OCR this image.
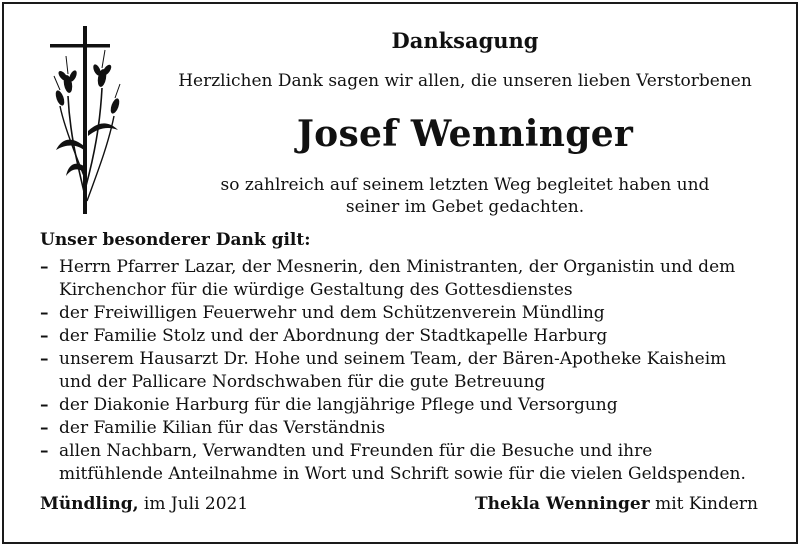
Danksagung
Herzlichen Dank sagen wir allen, die unseren lieben Verstorbenen
Josef Wenninger
so zahlreich auf seinem letzten Weg begleitet haben und
seiner im Gebet gedachten.
Unser besonderer Dank gilt:
– Herrn Pfarrer Lazar, der Mesnerin, den Ministranten, der Organistin und dem
Kirchenchor für die würdige Gestaltung des Gottesdienstes
– der Freiwilligen Feuerwehr und dem Schützenverein Mündling
– der Familie Stolz und der Abordnung der Stadtkapelle Harburg
– unserem Hausarzt Dr. Hohe und seinem Team, der Bären-Apotheke Kaisheim
und der Pallicare Nordschwaben für die gute Betreuung
– der Diakonie Harburg für die langjährige Pflege und Versorgung
– der Familie Kilian für das Verständnis
– allen Nachbarn, Verwandten und Freunden für die Besuche und ihre
mitfühlende Anteilnahme in Wort und Schrift sowie für die vielen Geldspenden.
Mündling, im Juli 2021	Thekla Wenninger mit Kindern
